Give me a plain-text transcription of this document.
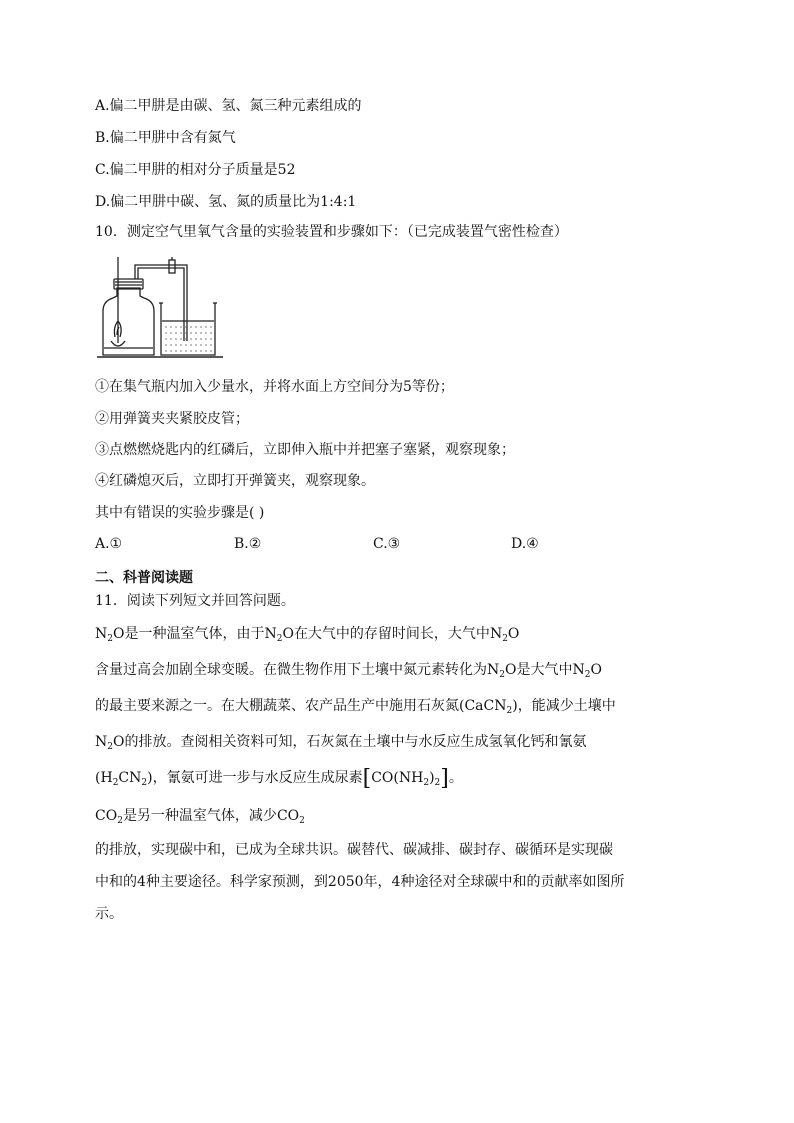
A.偏二甲肼是由碳、氢、氮三种元素组成的
B.偏二甲肼中含有氮气
C.偏二甲肼的相对分子质量是52
D.偏二甲肼中碳、氢、氮的质量比为1:4:1
10．测定空气里氧气含量的实验装置和步骤如下：（已完成装置气密性检查）
①在集气瓶内加入少量水，并将水面上方空间分为5等份；
②用弹簧夹夹紧胶皮管；
③点燃燃烧匙内的红磷后，立即伸入瓶中并把塞子塞紧，观察现象；
④红磷熄灭后，立即打开弹簧夹，观察现象。
其中有错误的实验步骤是( )
A.①	B.②	C.③	D.④
二、科普阅读题
11．阅读下列短文并回答问题。
$N_2O$是一种温室气体，由于$N_2O$在大气中的存留时间长，大气中$N_2O$
含量过高会加剧全球变暖。在微生物作用下土壤中氮元素转化为$N_2O$是大气中$N_2O$
的最主要来源之一。在大棚蔬菜、农产品生产中施用石灰氮(CaCN$_2$)，能减少土壤中
$N_2O$的排放。查阅相关资料可知，石灰氮在土壤中与水反应生成氢氧化钙和氰氨
$(H_2CN_2)$，氰氨可进一步与水反应生成尿素$[CO(NH_2)_2]$。
$CO_2$是另一种温室气体，减少$CO_2$
的排放，实现碳中和，已成为全球共识。碳替代、碳减排、碳封存、碳循环是实现碳
中和的4种主要途径。科学家预测，到2050年，4种途径对全球碳中和的贡献率如图所
示。
